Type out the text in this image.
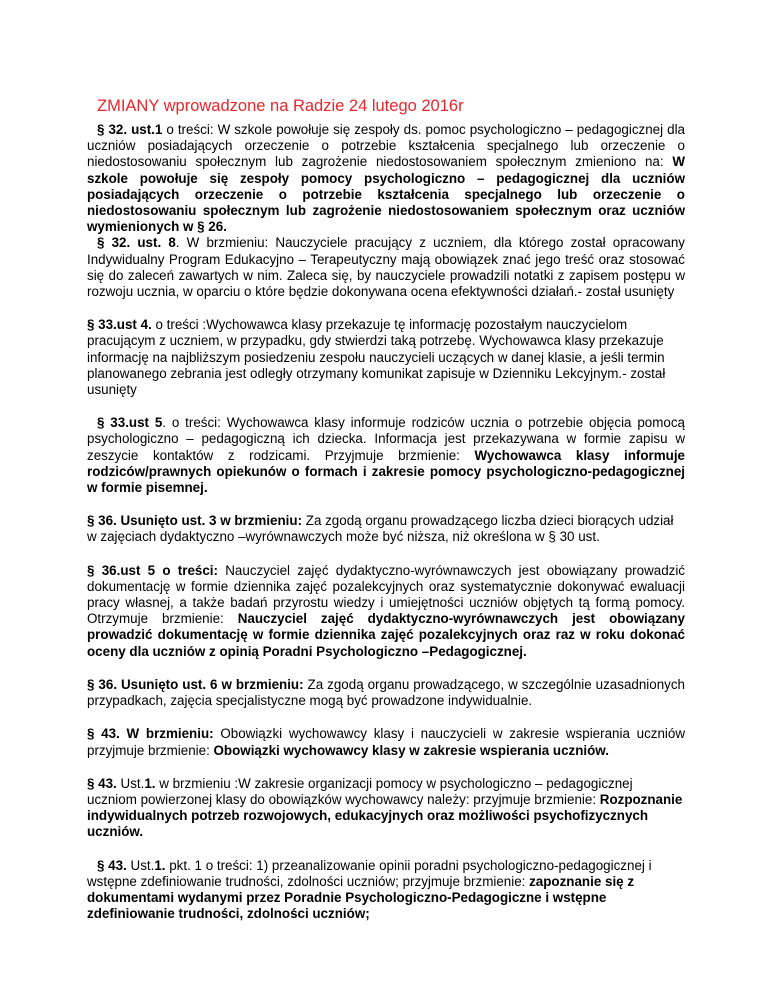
ZMIANY wprowadzone na Radzie 24 lutego 2016r

§ 32. ust.1 o treści: W szkole powołuje się zespoły ds. pomoc psychologiczno – pedagogicznej dla uczniów posiadających orzeczenie o potrzebie kształcenia specjalnego lub orzeczenie o niedostosowaniu społecznym lub zagrożenie niedostosowaniem społecznym zmieniono na: W szkole powołuje się zespoły pomocy psychologiczno – pedagogicznej dla uczniów posiadających orzeczenie o potrzebie kształcenia specjalnego lub orzeczenie o niedostosowaniu społecznym lub zagrożenie niedostosowaniem społecznym oraz uczniów wymienionych w § 26.

§ 32. ust. 8. W brzmieniu: Nauczyciele pracujący z uczniem, dla którego został opracowany Indywidualny Program Edukacyjno – Terapeutyczny mają obowiązek znać jego treść oraz stosować się do zaleceń zawartych w nim. Zaleca się, by nauczyciele prowadzili notatki z zapisem postępu w rozwoju ucznia, w oparciu o które będzie dokonywana ocena efektywności działań.- został usunięty

§ 33.ust 4. o treści :Wychowawca klasy przekazuje tę informację pozostałym nauczycielom pracującym z uczniem, w przypadku, gdy stwierdzi taką potrzebę. Wychowawca klasy przekazuje informację na najbliższym posiedzeniu zespołu nauczycieli uczących w danej klasie, a jeśli termin planowanego zebrania jest odległy otrzymany komunikat zapisuje w Dzienniku Lekcyjnym.- został usunięty

§ 33.ust 5. o treści: Wychowawca klasy informuje rodziców ucznia o potrzebie objęcia pomocą psychologiczno – pedagogiczną ich dziecka. Informacja jest przekazywana w formie zapisu w zeszycie kontaktów z rodzicami. Przyjmuje brzmienie: Wychowawca klasy informuje rodziców/prawnych opiekunów o formach i zakresie pomocy psychologiczno-pedagogicznej w formie pisemnej.

§ 36. Usunięto ust. 3 w brzmieniu: Za zgodą organu prowadzącego liczba dzieci biorących udział w zajęciach dydaktyczno –wyrównawczych może być niższa, niż określona w § 30 ust.

§ 36.ust 5 o treści: Nauczyciel zajęć dydaktyczno-wyrównawczych jest obowiązany prowadzić dokumentację w formie dziennika zajęć pozalekcyjnych oraz systematycznie dokonywać ewaluacji pracy własnej, a także badań przyrostu wiedzy i umiejętności uczniów objętych tą formą pomocy. Otrzymuje brzmienie: Nauczyciel zajęć dydaktyczno-wyrównawczych jest obowiązany prowadzić dokumentację w formie dziennika zajęć pozalekcyjnych oraz raz w roku dokonać oceny dla uczniów z opinią Poradni Psychologiczno –Pedagogicznej.

§ 36. Usunięto ust. 6 w brzmieniu: Za zgodą organu prowadzącego, w szczególnie uzasadnionych przypadkach, zajęcia specjalistyczne mogą być prowadzone indywidualnie.

§ 43. W brzmieniu: Obowiązki wychowawcy klasy i nauczycieli w zakresie wspierania uczniów przyjmuje brzmienie: Obowiązki wychowawcy klasy w zakresie wspierania uczniów.

§ 43. Ust.1. w brzmieniu :W zakresie organizacji pomocy w psychologiczno – pedagogicznej uczniom powierzonej klasy do obowiązków wychowawcy należy: przyjmuje brzmienie: Rozpoznanie indywidualnych potrzeb rozwojowych, edukacyjnych oraz możliwości psychofizycznych uczniów.

§ 43. Ust.1. pkt. 1 o treści: 1) przeanalizowanie opinii poradni psychologiczno-pedagogicznej i wstępne zdefiniowanie trudności, zdolności uczniów; przyjmuje brzmienie: zapoznanie się z dokumentami wydanymi przez Poradnie Psychologiczno-Pedagogiczne i wstępne zdefiniowanie trudności, zdolności uczniów;
